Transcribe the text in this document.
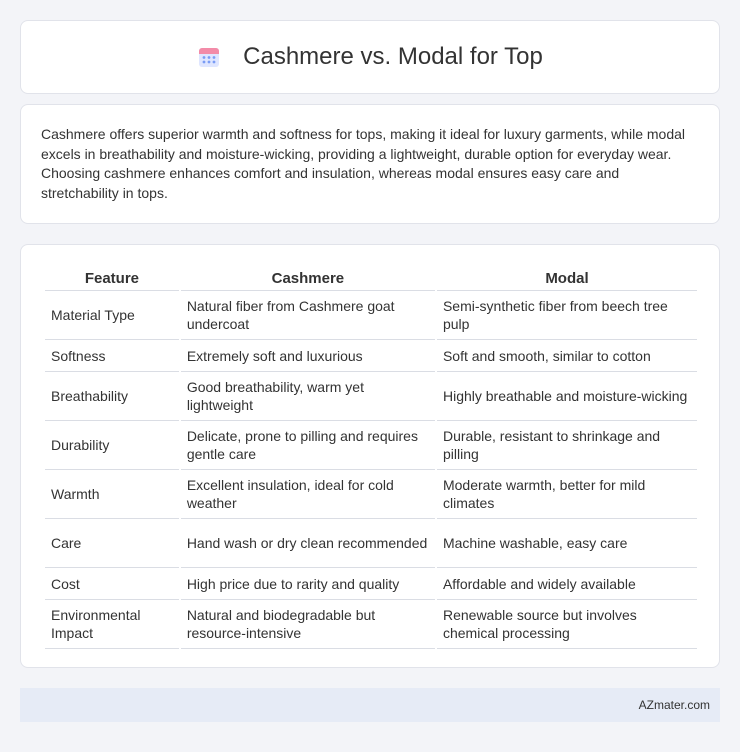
Cashmere vs. Modal for Top

Cashmere offers superior warmth and softness for tops, making it ideal for luxury garments, while modal excels in breathability and moisture-wicking, providing a lightweight, durable option for everyday wear. Choosing cashmere enhances comfort and insulation, whereas modal ensures easy care and stretchability in tops.

Feature	Cashmere	Modal
Material Type	Natural fiber from Cashmere goat undercoat	Semi-synthetic fiber from beech tree pulp
Softness	Extremely soft and luxurious	Soft and smooth, similar to cotton
Breathability	Good breathability, warm yet lightweight	Highly breathable and moisture-wicking
Durability	Delicate, prone to pilling and requires gentle care	Durable, resistant to shrinkage and pilling
Warmth	Excellent insulation, ideal for cold weather	Moderate warmth, better for mild climates
Care	Hand wash or dry clean recommended	Machine washable, easy care
Cost	High price due to rarity and quality	Affordable and widely available
Environmental Impact	Natural and biodegradable but resource-intensive	Renewable source but involves chemical processing
AZmater.com
